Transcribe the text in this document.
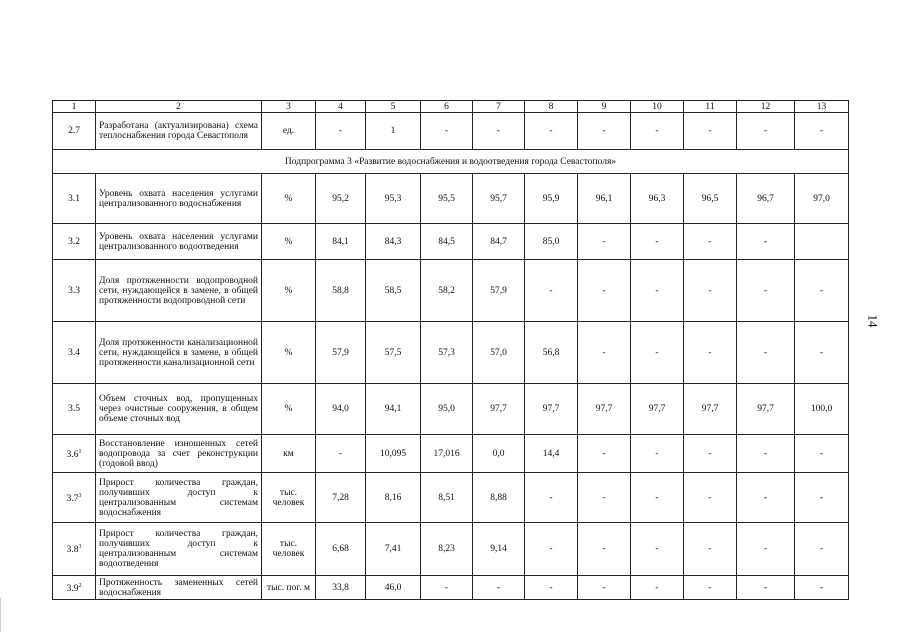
1	2	3	4	5	6	7	8	9	10	11	12	13
2.7	Разработана (актуализирована) схема теплоснабжения города Севастополя	ед.	-	1	-	-	-	-	-	-	-	-
Подпрограмма 3 «Развитие водоснабжения и водоотведения города Севастополя»												
3.1	Уровень охвата населения услугами централизованного водоснабжения	%	95,2	95,3	95,5	95,7	95,9	96,1	96,3	96,5	96,7	97,0
3.2	Уровень охвата населения услугами централизованного водоотведения	%	84,1	84,3	84,5	84,7	85,0	-	-	-	-	
3.3	Доля протяженности водопроводной сети, нуждающейся в замене, в общей протяженности водопроводной сети	%	58,8	58,5	58,2	57,9	-	-	-	-	-	-
3.4	Доля протяженности канализационной сети, нуждающейся в замене, в общей протяженности канализационной сети	%	57,9	57,5	57,3	57,0	56,8	-	-	-	-	-
3.5	Объем сточных вод, пропущенных через очистные сооружения, в общем объеме сточных вод	%	94,0	94,1	95,0	97,7	97,7	97,7	97,7	97,7	97,7	100,0
$3.6^1$	Восстановление изношенных сетей водопровода за счет реконструкции (годовой ввод)	км	-	10,095	17,016	0,0	14,4	-	-	-	-	-
$3.7^3$	Прирост количества граждан, получивших доступ к централизованным системам водоснабжения	тыс. человек	7,28	8,16	8,51	8,88	-	-	-	-	-	-
$3.8^3$	Прирост количества граждан, получивших доступ к централизованным системам водоотведения	тыс. человек	6,68	7,41	8,23	9,14	-	-	-	-	-	-
$3.9^2$	Протяженность замененных сетей водоснабжения	тыс. пог. м	33,8	46,0	-	-	-	-	-	-	-	-
14
